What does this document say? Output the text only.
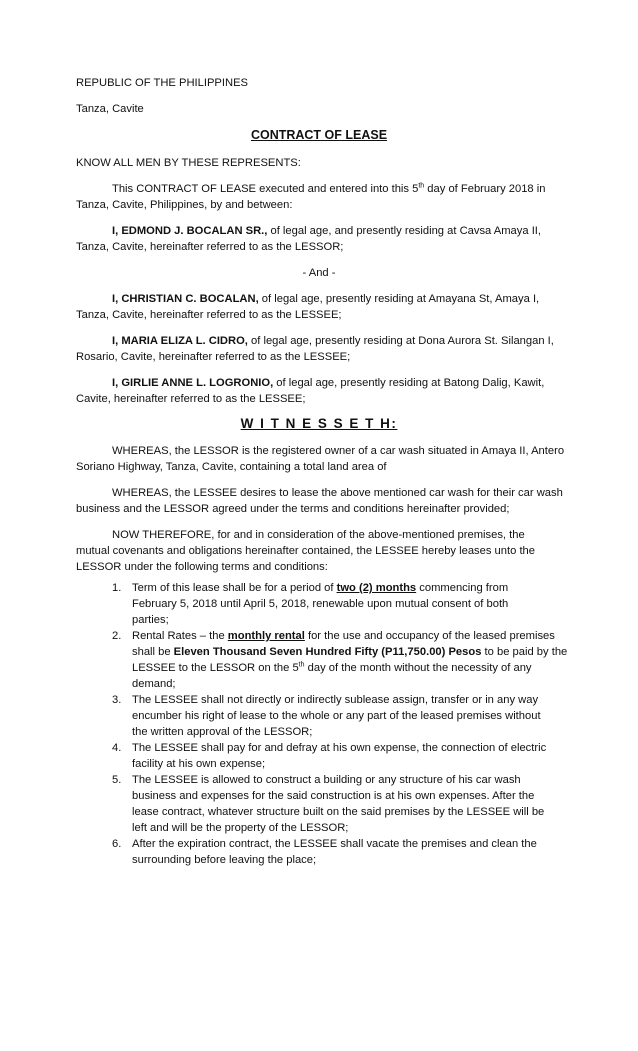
REPUBLIC OF THE PHILIPPINES
Tanza, Cavite
CONTRACT OF LEASE
KNOW ALL MEN BY THESE REPRESENTS:
This CONTRACT OF LEASE executed and entered into this 5th day of February 2018 in
Tanza, Cavite, Philippines, by and between:
I, EDMOND J. BOCALAN SR., of legal age, and presently residing at Cavsa Amaya II,
Tanza, Cavite, hereinafter referred to as the LESSOR;
- And -
I, CHRISTIAN C. BOCALAN, of legal age, presently residing at Amayana St, Amaya I,
Tanza, Cavite, hereinafter referred to as the LESSEE;
I, MARIA ELIZA L. CIDRO, of legal age, presently residing at Dona Aurora St. Silangan I,
Rosario, Cavite, hereinafter referred to as the LESSEE;
I, GIRLIE ANNE L. LOGRONIO, of legal age, presently residing at Batong Dalig, Kawit,
Cavite, hereinafter referred to as the LESSEE;
W I T N E S S E T H:
WHEREAS, the LESSOR is the registered owner of a car wash situated in Amaya II, Antero
Soriano Highway, Tanza, Cavite, containing a total land area of
WHEREAS, the LESSEE desires to lease the above mentioned car wash for their car wash
business and the LESSOR agreed under the terms and conditions hereinafter provided;
NOW THEREFORE, for and in consideration of the above-mentioned premises, the
mutual covenants and obligations hereinafter contained, the LESSEE hereby leases unto the
LESSOR under the following terms and conditions:
1. Term of this lease shall be for a period of two (2) months commencing from
February 5, 2018 until April 5, 2018, renewable upon mutual consent of both
parties;
2. Rental Rates – the monthly rental for the use and occupancy of the leased premises
shall be Eleven Thousand Seven Hundred Fifty (P11,750.00) Pesos to be paid by the
LESSEE to the LESSOR on the 5th day of the month without the necessity of any
demand;
3. The LESSEE shall not directly or indirectly sublease assign, transfer or in any way
encumber his right of lease to the whole or any part of the leased premises without
the written approval of the LESSOR;
4. The LESSEE shall pay for and defray at his own expense, the connection of electric
facility at his own expense;
5. The LESSEE is allowed to construct a building or any structure of his car wash
business and expenses for the said construction is at his own expenses. After the
lease contract, whatever structure built on the said premises by the LESSEE will be
left and will be the property of the LESSOR;
6. After the expiration contract, the LESSEE shall vacate the premises and clean the
surrounding before leaving the place;
